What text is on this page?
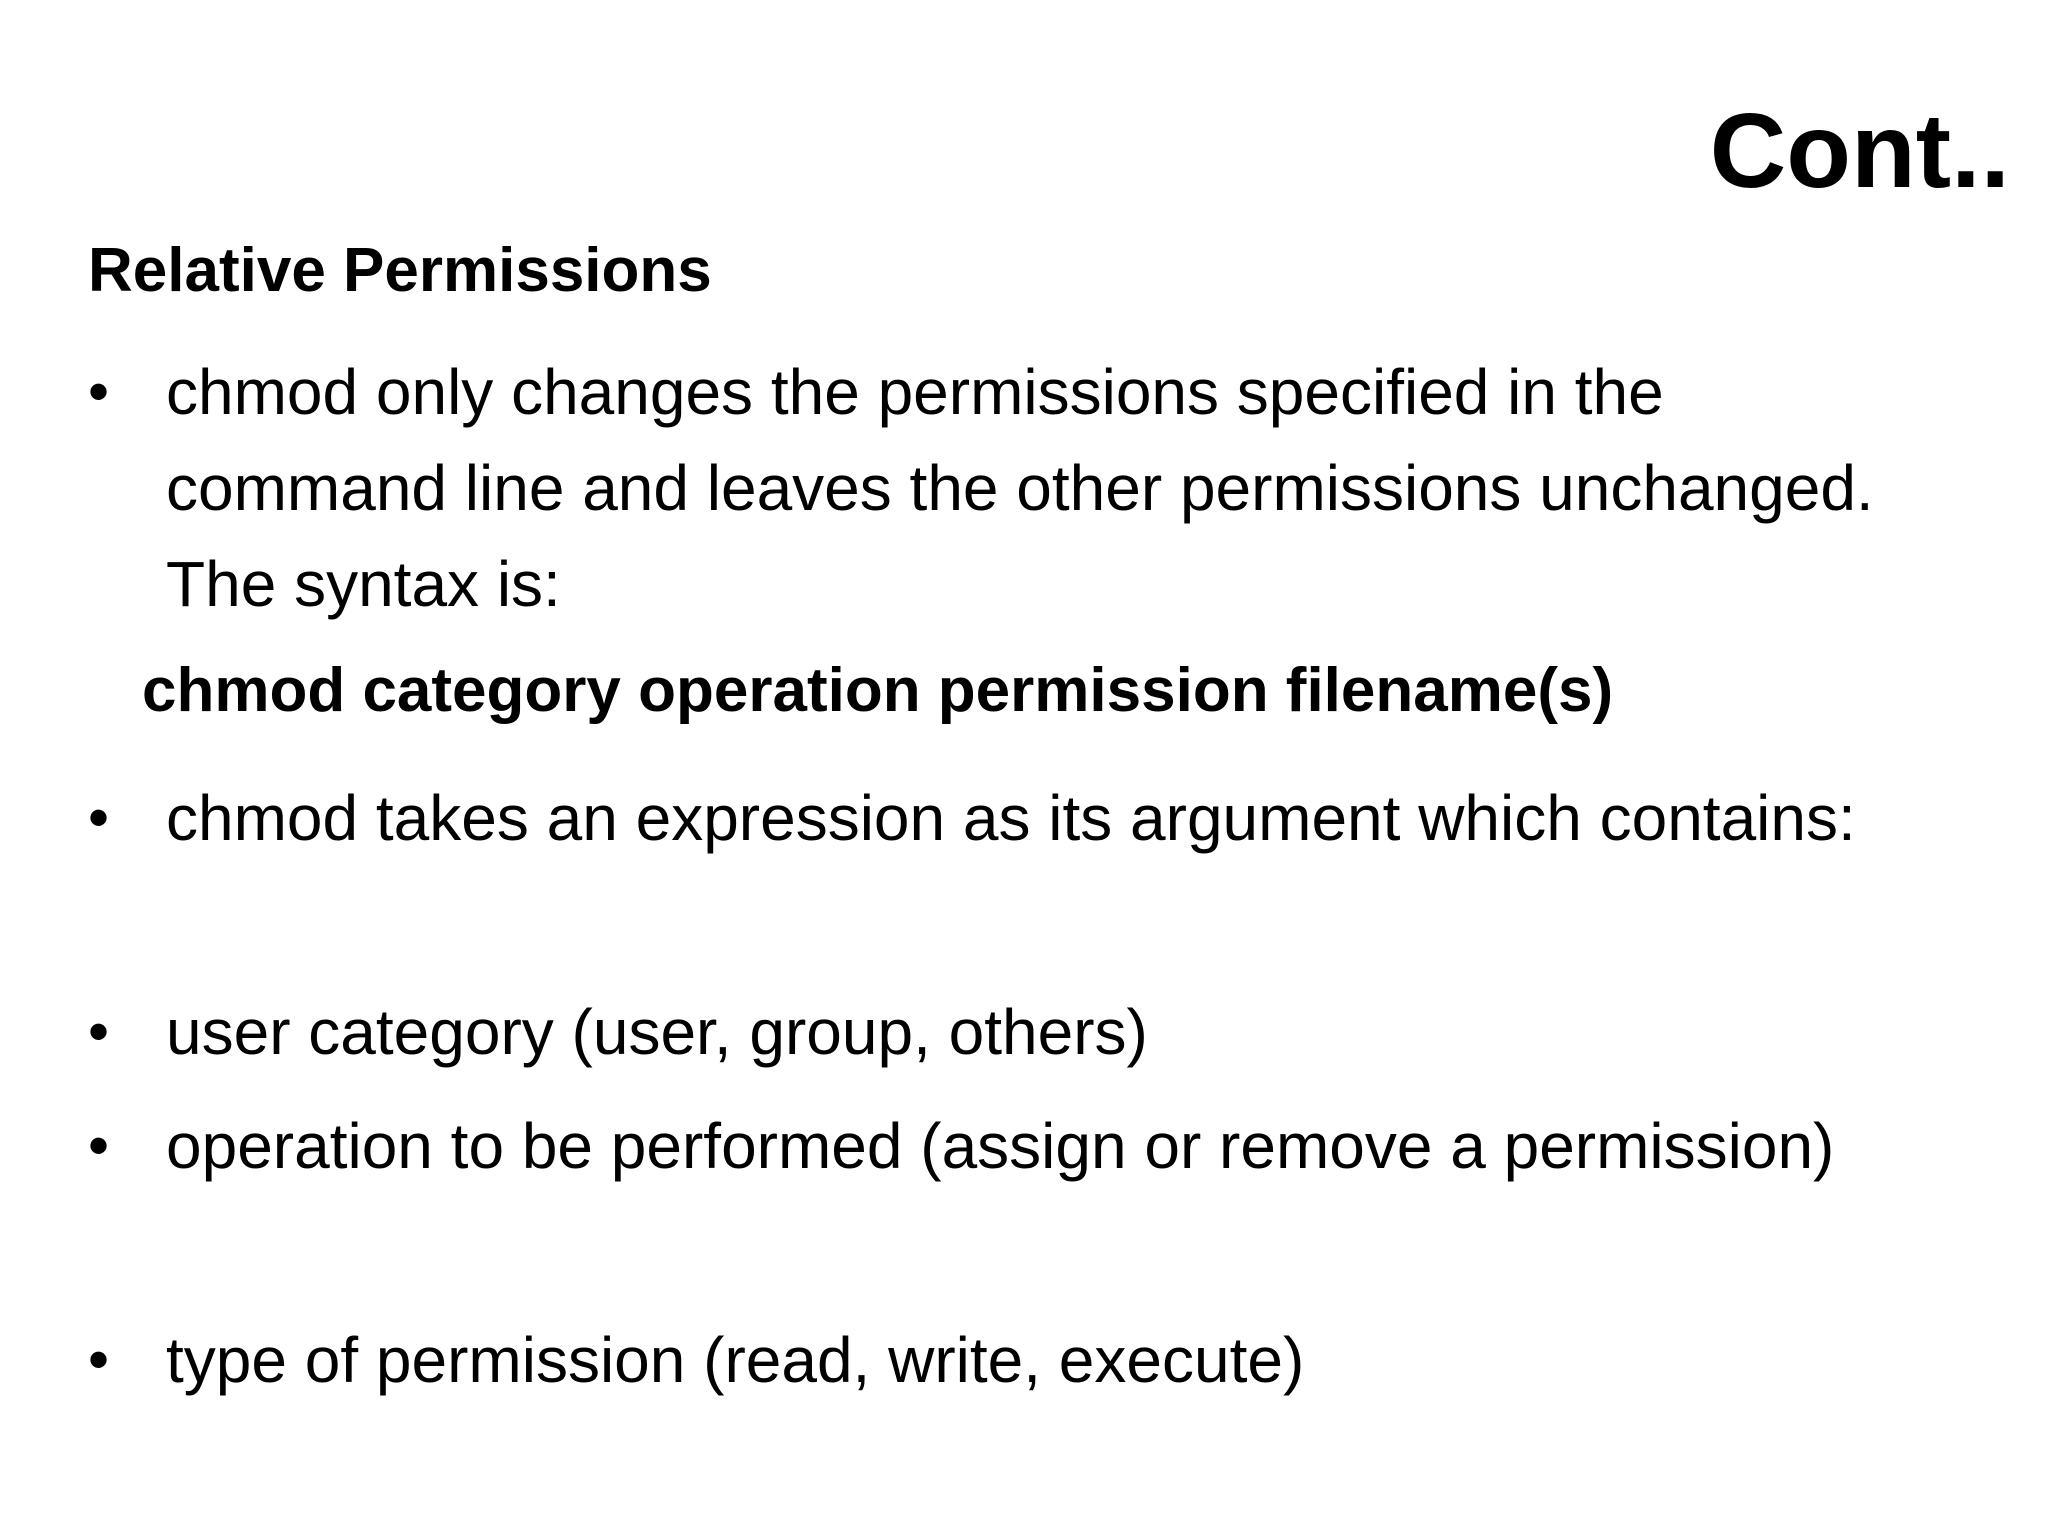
Cont..
Relative Permissions
• chmod only changes the permissions specified in the command line and leaves the other permissions unchanged. The syntax is:
chmod category operation permission filename(s)
• chmod takes an expression as its argument which contains:
• user category (user, group, others)
• operation to be performed (assign or remove a permission)
• type of permission (read, write, execute)
